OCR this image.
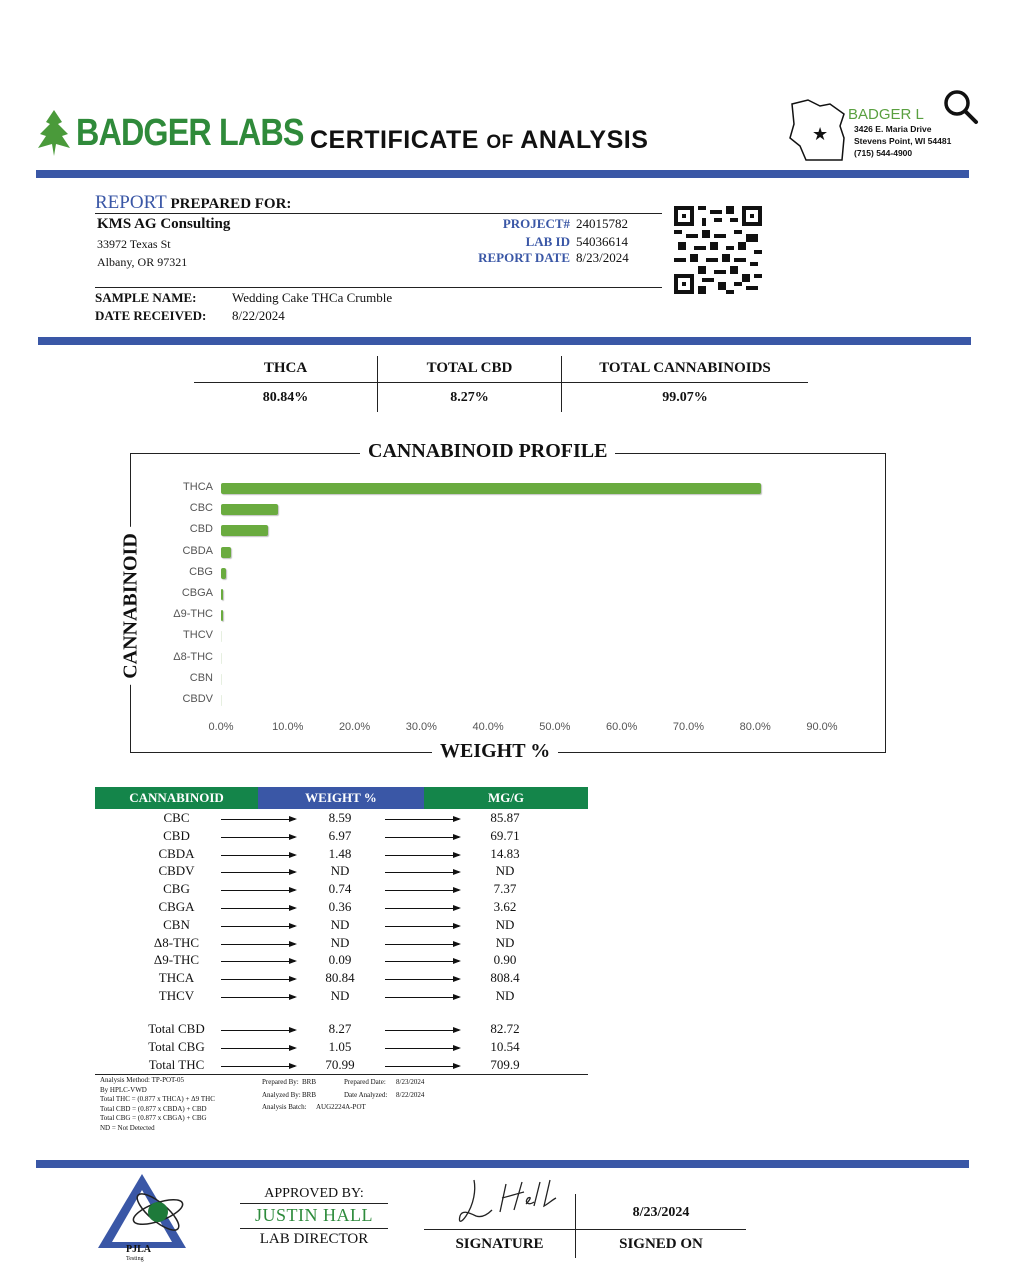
BADGER LABS CERTIFICATE OF ANALYSIS	★
BADGER L
3426 E. Maria Drive
Stevens Point, WI 54481
(715) 544-4900
REPORT PREPARED FOR:
KMS AG Consulting
33972 Texas St
Albany, OR 97321
PROJECT# 24015782
LAB ID 54036614
REPORT DATE 8/23/2024
SAMPLE NAME:	Wedding Cake THCa Crumble
DATE RECEIVED: 8/22/2024
THCA	TOTAL CBD	TOTAL CANNABINOIDS
80.84%	8.27%	99.07%
CANNABINOID PROFILE
WEIGHT %
CANNABINOID
THCA
CBC
CBD
CBDA
CBG
CBGA
Δ9-THC
THCV
Δ8-THC
CBN
CBDV
0.0%	10.0%	20.0%	30.0%	40.0%	50.0%	60.0%	70.0%	80.0%	90.0%
CANNABINOID	WEIGHT %	MG/G
CBC	8.59	85.87
CBD	6.97	69.71
CBDA	1.48	14.83
CBDV	ND	ND
CBG	0.74	7.37
CBGA	0.36	3.62
CBN	ND	ND
Δ8-THC	ND	ND
Δ9-THC	0.09	0.90
THCA	80.84	808.4
THCV	ND	ND
Total CBD	8.27	82.72
Total CBG	1.05	10.54
Total THC	70.99	709.9
Analysis Method: TP-POT-05
By HPLC-VWD
Total THC = (0.877 x THCA) + Δ9 THC
Total CBD = (0.877 x CBDA) + CBD
Total CBG = (0.877 x CBGA) + CBG
ND = Not Detected
Prepared By: BRB	Prepared Date: 8/23/2024
Analyzed By:BRB	Date Analyzed: 8/22/2024
Analysis Batch: AUG2224A-POT
PJLA
Testing
APPROVED BY:
JUSTIN HALL
LAB DIRECTOR	SIGNATURE
8/23/2024
SIGNED ON
